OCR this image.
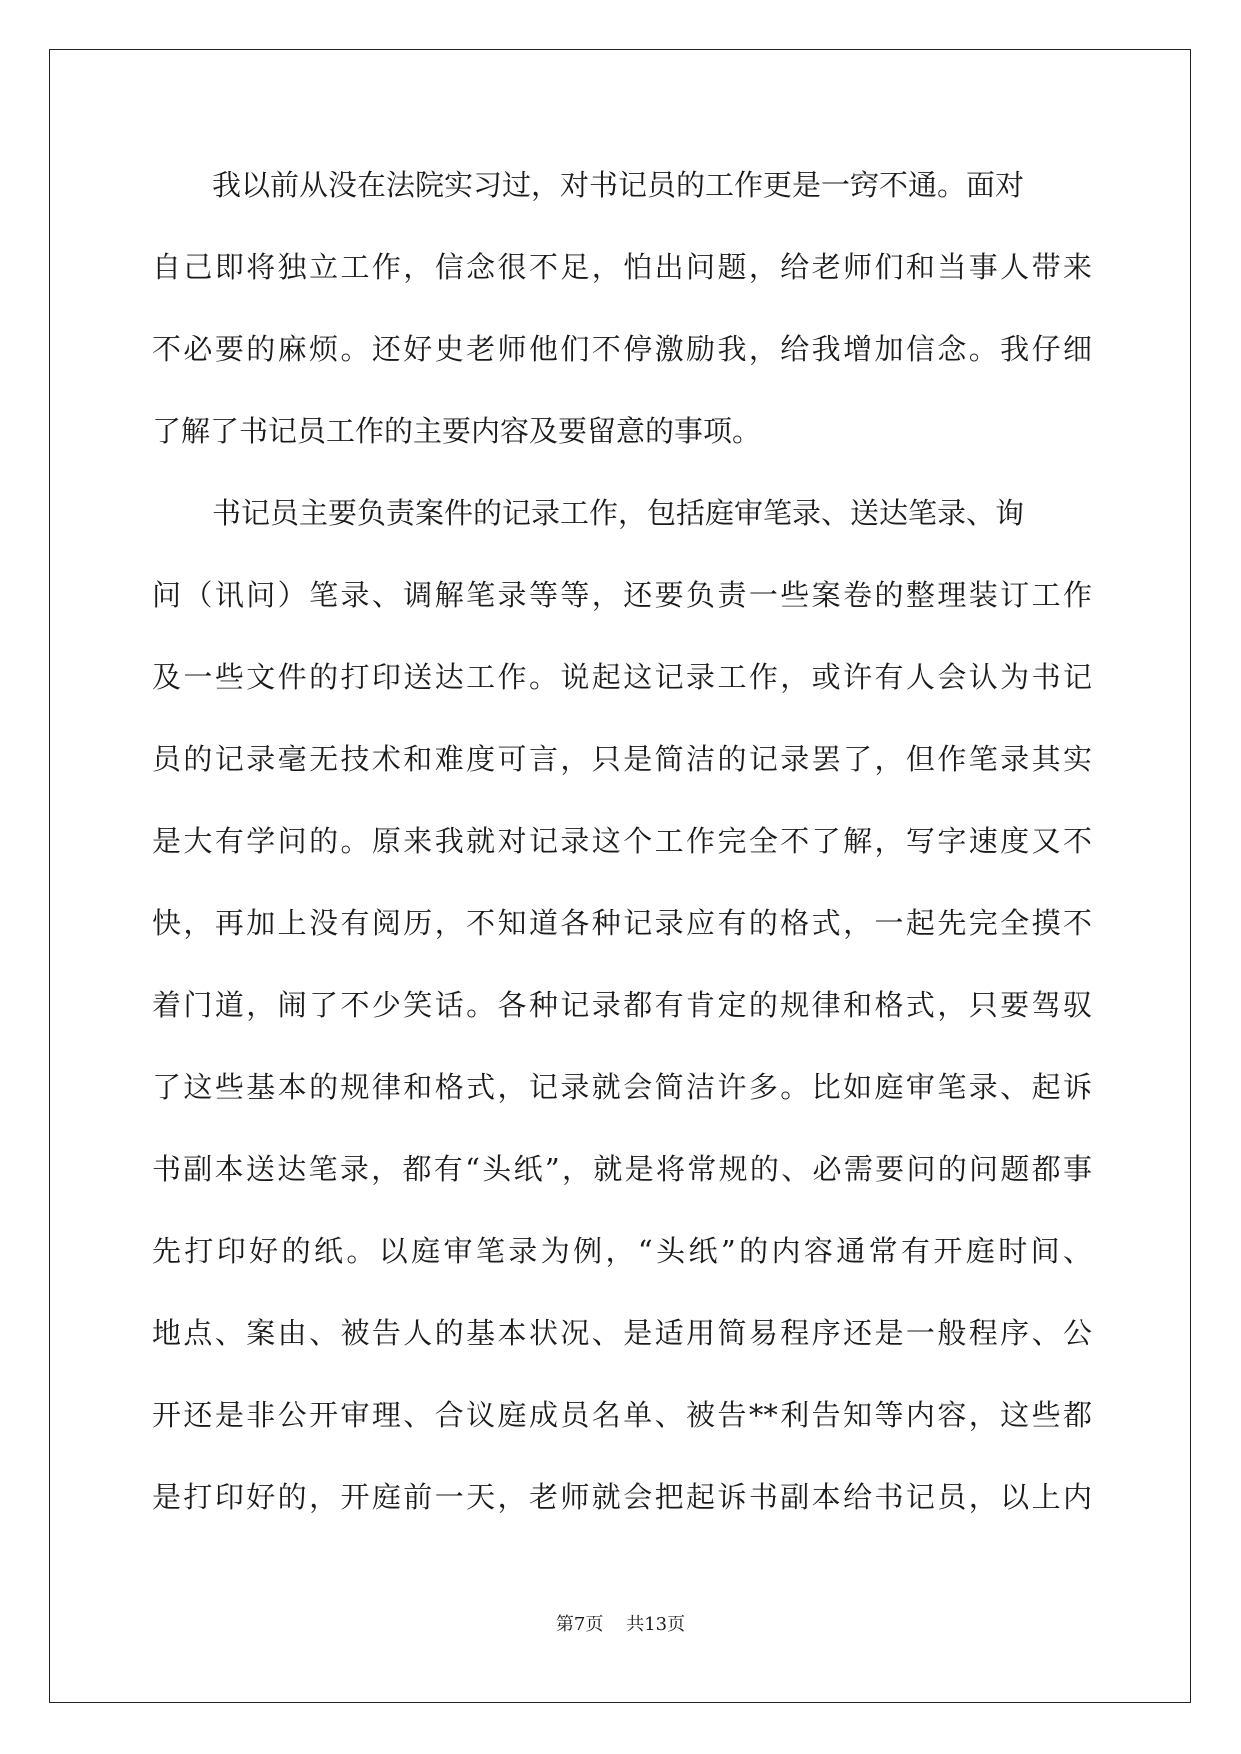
我以前从没在法院实习过，对书记员的工作更是一窍不通。面对
自己即将独立工作，信念很不足，怕出问题，给老师们和当事人带来
不必要的麻烦。还好史老师他们不停激励我，给我增加信念。我仔细
了解了书记员工作的主要内容及要留意的事项。
书记员主要负责案件的记录工作，包括庭审笔录、送达笔录、询
问（讯问）笔录、调解笔录等等，还要负责一些案卷的整理装订工作
及一些文件的打印送达工作。说起这记录工作，或许有人会认为书记
员的记录毫无技术和难度可言，只是简洁的记录罢了，但作笔录其实
是大有学问的。原来我就对记录这个工作完全不了解，写字速度又不
快，再加上没有阅历，不知道各种记录应有的格式，一起先完全摸不
着门道，闹了不少笑话。各种记录都有肯定的规律和格式，只要驾驭
了这些基本的规律和格式，记录就会简洁许多。比如庭审笔录、起诉
书副本送达笔录，都有“头纸”，就是将常规的、必需要问的问题都事
先打印好的纸。以庭审笔录为例，“头纸”的内容通常有开庭时间、
地点、案由、被告人的基本状况、是适用简易程序还是一般程序、公
开还是非公开审理、合议庭成员名单、被告**利告知等内容，这些都
是打印好的，开庭前一天，老师就会把起诉书副本给书记员，以上内
第7页 共13页
